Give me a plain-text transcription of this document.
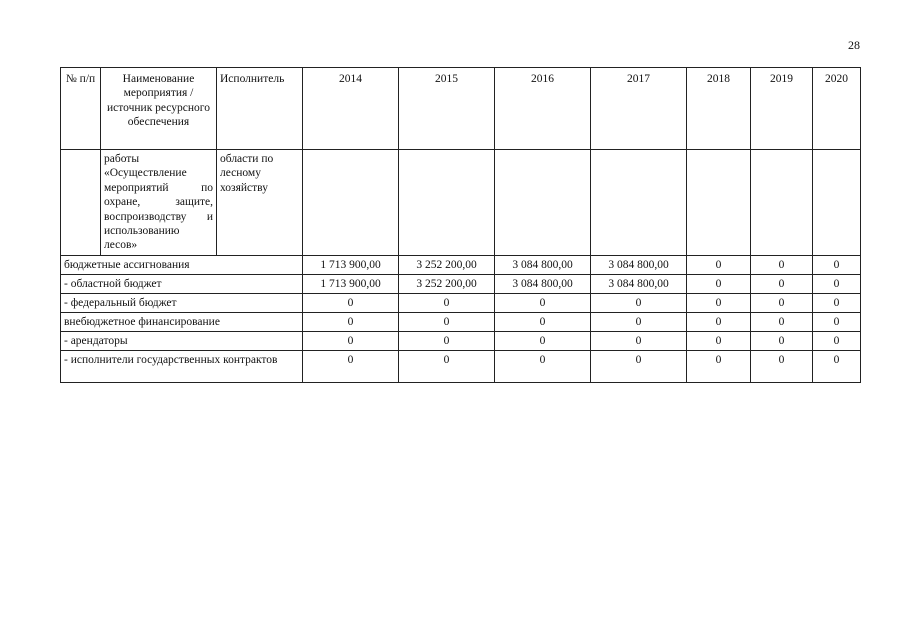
28
№ п/п	Наименование мероприятия / источник ресурсного обеспечения	Исполнитель	2014	2015	2016	2017	2018	2019	2020
	работы «Осуществление мероприятий по охране, защите, воспроизводству и использованию лесов»	области по лесному хозяйству							
бюджетные ассигнования			1 713 900,00	3 252 200,00	3 084 800,00	3 084 800,00	0	0	0
- областной бюджет			1 713 900,00	3 252 200,00	3 084 800,00	3 084 800,00	0	0	0
- федеральный бюджет			0	0	0	0	0	0	0
внебюджетное финансирование			0	0	0	0	0	0	0
- арендаторы			0	0	0	0	0	0	0
- исполнители государственных контрактов			0	0	0	0	0	0	0
